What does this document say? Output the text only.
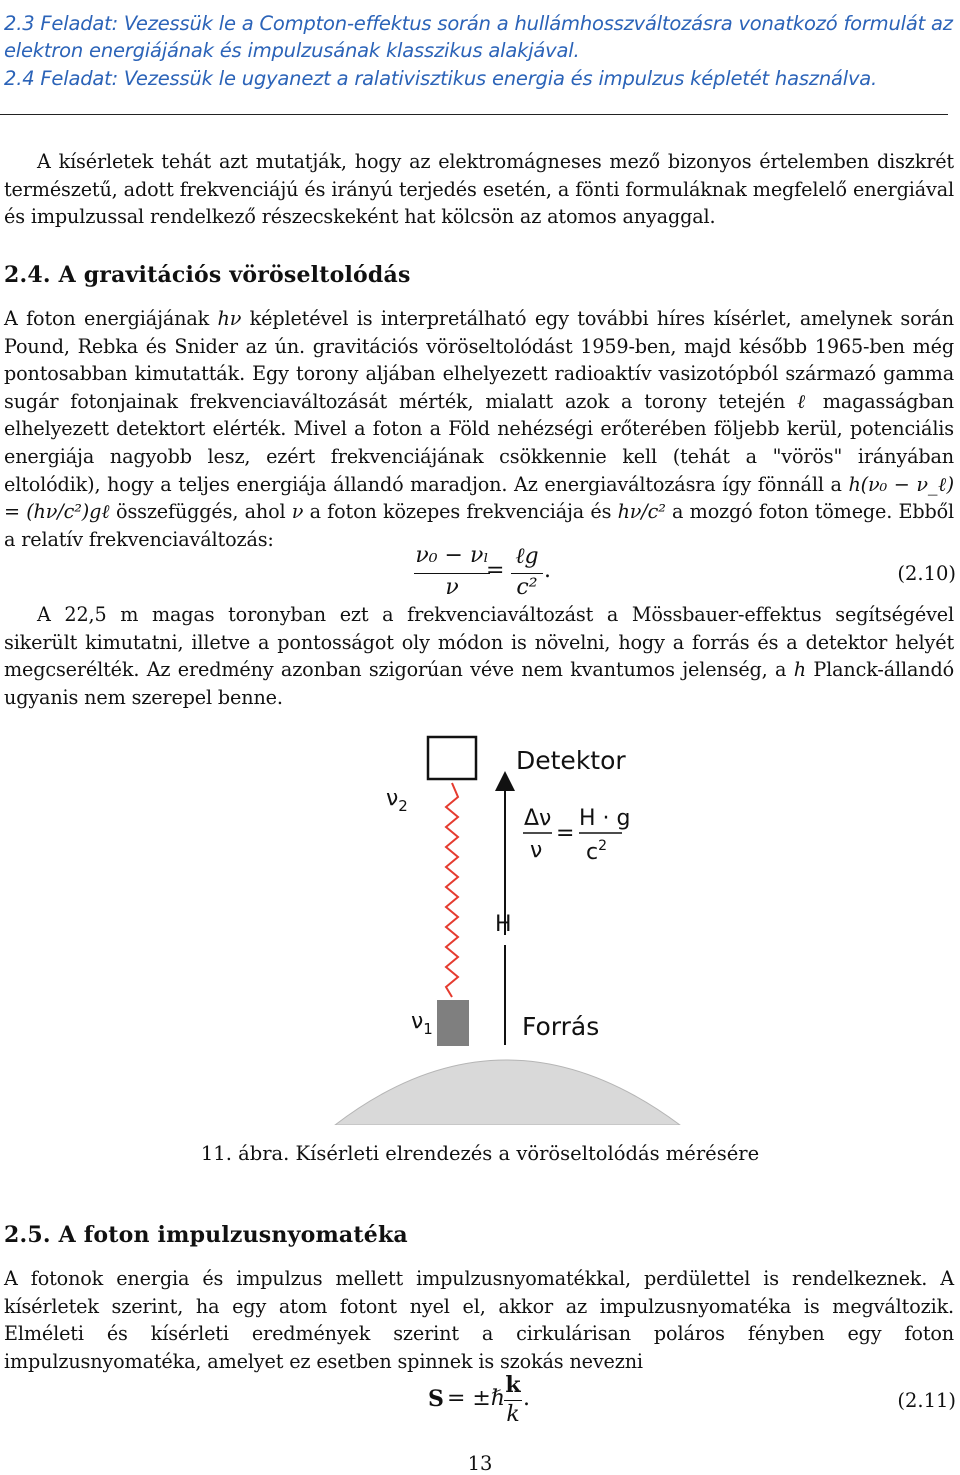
2.3 Feladat: Vezessük le a Compton-effektus során a hullámhosszváltozásra vonatkozó formulát az
elektron energiájának és impulzusának klasszikus alakjával.
2.4 Feladat: Vezessük le ugyanezt a ralativisztikus energia és impulzus képletét használva.
A kísérletek tehát azt mutatják, hogy az elektromágneses mező bizonyos értelemben diszkrét természetű, adott frekvenciájú és irányú terjedés esetén, a fönti formuláknak megfelelő energiával és impulzussal rendelkező részecskeként hat kölcsön az atomos anyaggal.
2.4. A gravitációs vöröseltolódás
A foton energiájának hν képletével is interpretálható egy további híres kísérlet, amelynek során Pound, Rebka és Snider az ún. gravitációs vöröseltolódást 1959-ben, majd később 1965-ben még pontosabban kimutatták. Egy torony aljában elhelyezett radioaktív vasizotópból származó gamma sugár fotonjainak frekvenciaváltozását mérték, mialatt azok a torony tetején ℓ magasságban elhelyezett detektort elérték. Mivel a foton a Föld nehézségi erőterében följebb kerül, potenciális energiája nagyobb lesz, ezért frekvenciájának csökkennie kell (tehát a "vörös" irányában eltolódik), hogy a teljes energiája állandó maradjon. Az energiaváltozásra így fönnáll a h(ν₀ − ν_ℓ) = (hν/c²)gℓ összefüggés, ahol ν a foton közepes frekvenciája és hν/c² a mozgó foton tömege. Ebből a relatív frekvenciaváltozás:
ν₀ − νₗ
ν
=
ℓg
c²
.	(2.10)
A 22,5 m magas toronyban ezt a frekvenciaváltozást a Mössbauer-effektus segítségével sikerült kimutatni, illetve a pontosságot oly módon is növelni, hogy a forrás és a detektor helyét megcserélték. Az eredmény azonban szigorúan véve nem kvantumos jelenség, a h Planck-állandó ugyanis nem szerepel benne.
Detektor
Forrás
H
$\nu_2$
$\nu_1$
Δν
ν
=
H · g
$c^2$
11. ábra. Kísérleti elrendezés a vöröseltolódás mérésére
2.5. A foton impulzusnyomatéka
A fotonok energia és impulzus mellett impulzusnyomatékkal, perdülettel is rendelkeznek. A kísérletek szerint, ha egy atom fotont nyel el, akkor az impulzusnyomatéka is megváltozik. Elméleti és kísérleti eredmények szerint a cirkulárisan poláros fényben egy foton impulzusnyomatéka, amelyet ez esetben spinnek is szokás nevezni
S = ±ℏ
k
k
.	(2.11)
13
